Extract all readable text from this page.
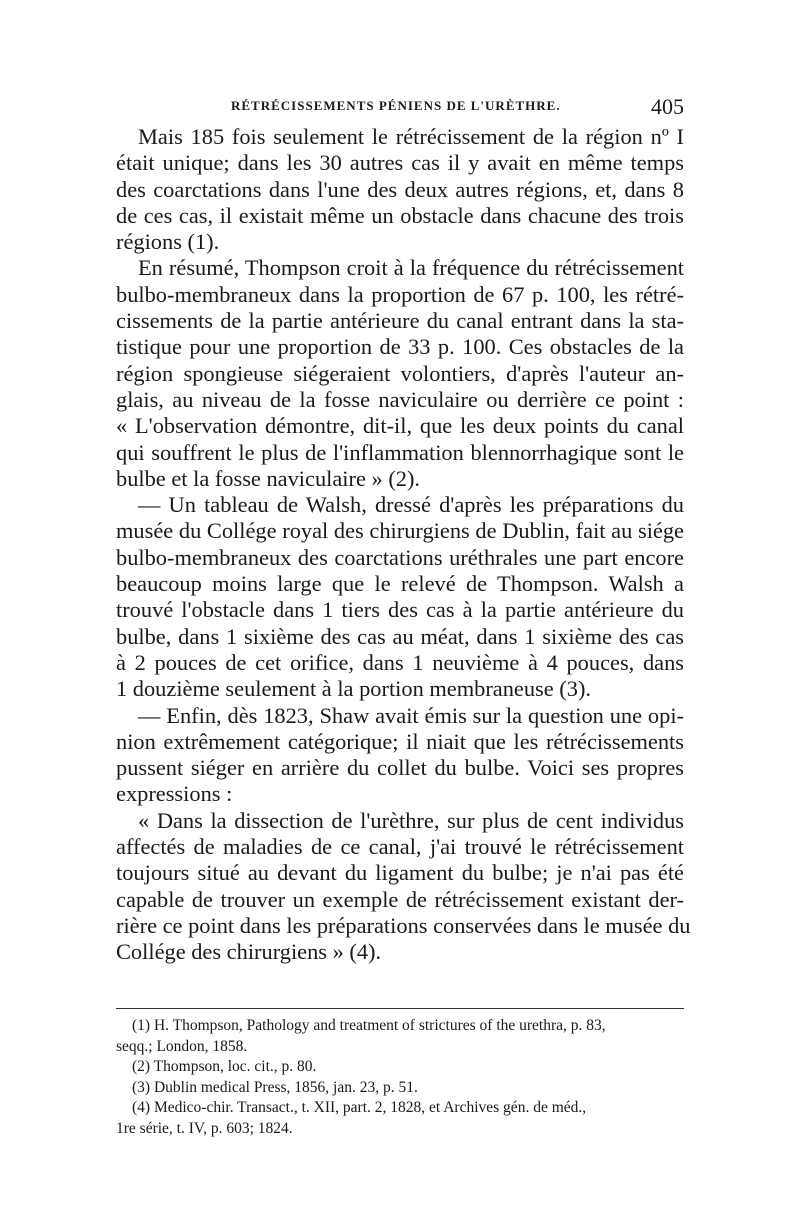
RÉTRÉCISSEMENTS PÉNIENS DE L'URÈTHRE.	405
Mais 185 fois seulement le rétrécissement de la région nº I
était unique; dans les 30 autres cas il y avait en même temps
des coarctations dans l'une des deux autres régions, et, dans 8
de ces cas, il existait même un obstacle dans chacune des trois
régions (1).
En résumé, Thompson croit à la fréquence du rétrécissement
bulbo-membraneux dans la proportion de 67 p. 100, les rétré-
cissements de la partie antérieure du canal entrant dans la sta-
tistique pour une proportion de 33 p. 100. Ces obstacles de la
région spongieuse siégeraient volontiers, d'après l'auteur an-
glais, au niveau de la fosse naviculaire ou derrière ce point :
« L'observation démontre, dit-il, que les deux points du canal
qui souffrent le plus de l'inflammation blennorrhagique sont le
bulbe et la fosse naviculaire » (2).
— Un tableau de Walsh, dressé d'après les préparations du
musée du Collége royal des chirurgiens de Dublin, fait au siége
bulbo-membraneux des coarctations uréthrales une part encore
beaucoup moins large que le relevé de Thompson. Walsh a
trouvé l'obstacle dans 1 tiers des cas à la partie antérieure du
bulbe, dans 1 sixième des cas au méat, dans 1 sixième des cas
à 2 pouces de cet orifice, dans 1 neuvième à 4 pouces, dans
1 douzième seulement à la portion membraneuse (3).
— Enfin, dès 1823, Shaw avait émis sur la question une opi-
nion extrêmement catégorique; il niait que les rétrécissements
pussent siéger en arrière du collet du bulbe. Voici ses propres
expressions :
« Dans la dissection de l'urèthre, sur plus de cent individus
affectés de maladies de ce canal, j'ai trouvé le rétrécissement
toujours situé au devant du ligament du bulbe; je n'ai pas été
capable de trouver un exemple de rétrécissement existant der-
rière ce point dans les préparations conservées dans le musée du
Collége des chirurgiens » (4).
(1) H. Thompson, Pathology and treatment of strictures of the urethra, p. 83,
seqq.; London, 1858.
(2) Thompson, loc. cit., p. 80.
(3) Dublin medical Press, 1856, jan. 23, p. 51.
(4) Medico-chir. Transact., t. XII, part. 2, 1828, et Archives gén. de méd.,
1re série, t. IV, p. 603; 1824.
